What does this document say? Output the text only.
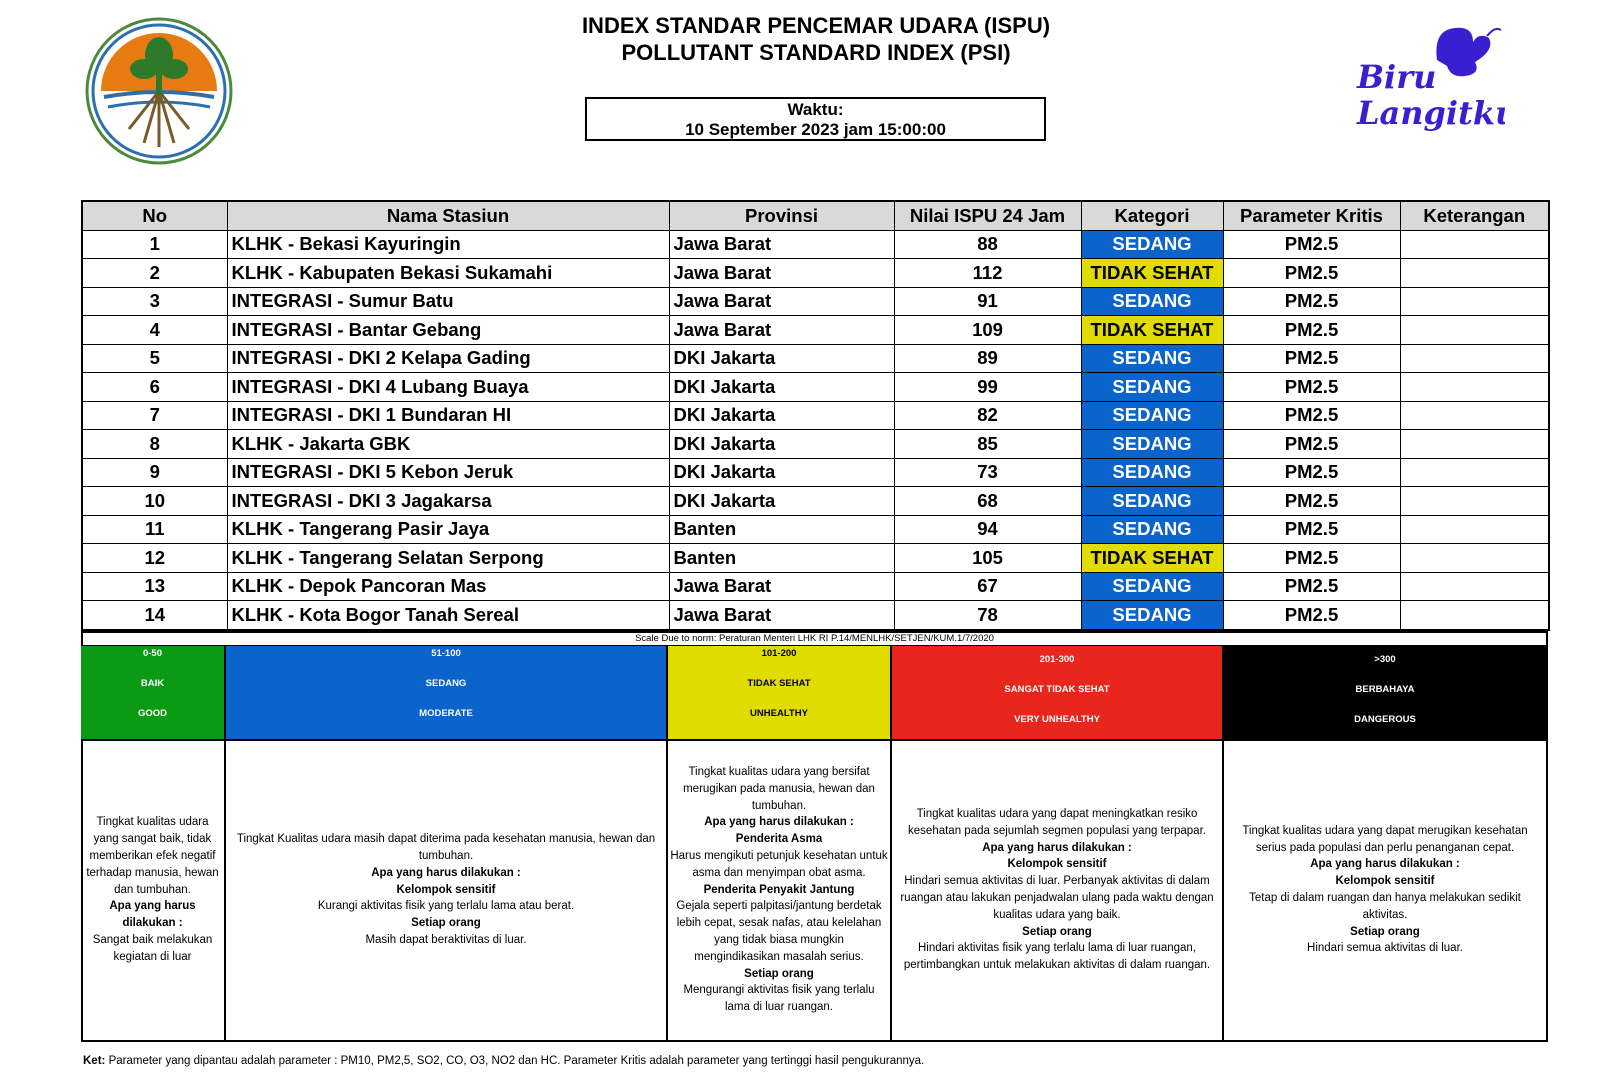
Biru
Langitku
INDEX STANDAR PENCEMAR UDARA (ISPU)
POLLUTANT STANDARD INDEX (PSI)
Waktu:
10 September 2023 jam 15:00:00
No	Nama Stasiun	Provinsi	Nilai ISPU 24 Jam	Kategori	Parameter Kritis	Keterangan
1	KLHK - Bekasi Kayuringin	Jawa Barat	88	SEDANG	PM2.5	
2	KLHK - Kabupaten Bekasi Sukamahi	Jawa Barat	112	TIDAK SEHAT	PM2.5	
3	INTEGRASI - Sumur Batu	Jawa Barat	91	SEDANG	PM2.5	
4	INTEGRASI - Bantar Gebang	Jawa Barat	109	TIDAK SEHAT	PM2.5	
5	INTEGRASI - DKI 2 Kelapa Gading	DKI Jakarta	89	SEDANG	PM2.5	
6	INTEGRASI - DKI 4 Lubang Buaya	DKI Jakarta	99	SEDANG	PM2.5	
7	INTEGRASI - DKI 1 Bundaran HI	DKI Jakarta	82	SEDANG	PM2.5	
8	KLHK - Jakarta GBK	DKI Jakarta	85	SEDANG	PM2.5	
9	INTEGRASI - DKI 5 Kebon Jeruk	DKI Jakarta	73	SEDANG	PM2.5	
10	INTEGRASI - DKI 3 Jagakarsa	DKI Jakarta	68	SEDANG	PM2.5	
11	KLHK - Tangerang Pasir Jaya	Banten	94	SEDANG	PM2.5	
12	KLHK - Tangerang Selatan Serpong	Banten	105	TIDAK SEHAT	PM2.5	
13	KLHK - Depok Pancoran Mas	Jawa Barat	67	SEDANG	PM2.5	
14	KLHK - Kota Bogor Tanah Sereal	Jawa Barat	78	SEDANG	PM2.5	
Scale Due to norm: Peraturan Menteri LHK RI P.14/MENLHK/SETJEN/KUM.1/7/2020
0-50
BAIK
GOOD
51-100
SEDANG
MODERATE
101-200
TIDAK SEHAT
UNHEALTHY
201-300
SANGAT TIDAK SEHAT
VERY UNHEALTHY
>300
BERBAHAYA
DANGEROUS

Tingkat kualitas udara yang sangat baik, tidak memberikan efek negatif terhadap manusia, hewan dan tumbuhan.

Apa yang harus dilakukan :

Sangat baik melakukan kegiatan di luar

Tingkat Kualitas udara masih dapat diterima pada kesehatan manusia, hewan dan tumbuhan.

Apa yang harus dilakukan :

Kelompok sensitif

Kurangi aktivitas fisik yang terlalu lama atau berat.

Setiap orang

Masih dapat beraktivitas di luar.

Tingkat kualitas udara yang bersifat merugikan pada manusia, hewan dan tumbuhan.

Apa yang harus dilakukan :

Penderita Asma

Harus mengikuti petunjuk kesehatan untuk asma dan menyimpan obat asma.

Penderita Penyakit Jantung

Gejala seperti palpitasi/jantung berdetak lebih cepat, sesak nafas, atau kelelahan yang tidak biasa mungkin mengindikasikan masalah serius.

Setiap orang

Mengurangi aktivitas fisik yang terlalu lama di luar ruangan.

Tingkat kualitas udara yang dapat meningkatkan resiko kesehatan pada sejumlah segmen populasi yang terpapar.

Apa yang harus dilakukan :

Kelompok sensitif

Hindari semua aktivitas di luar. Perbanyak aktivitas di dalam ruangan atau lakukan penjadwalan ulang pada waktu dengan kualitas udara yang baik.

Setiap orang

Hindari aktivitas fisik yang terlalu lama di luar ruangan, pertimbangkan untuk melakukan aktivitas di dalam ruangan.

Tingkat kualitas udara yang dapat merugikan kesehatan serius pada populasi dan perlu penanganan cepat.

Apa yang harus dilakukan :

Kelompok sensitif

Tetap di dalam ruangan dan hanya melakukan sedikit aktivitas.

Setiap orang

Hindari semua aktivitas di luar.

Ket: Parameter yang dipantau adalah parameter : PM10, PM2,5, SO2, CO, O3, NO2 dan HC. Parameter Kritis adalah parameter yang tertinggi hasil pengukurannya.
